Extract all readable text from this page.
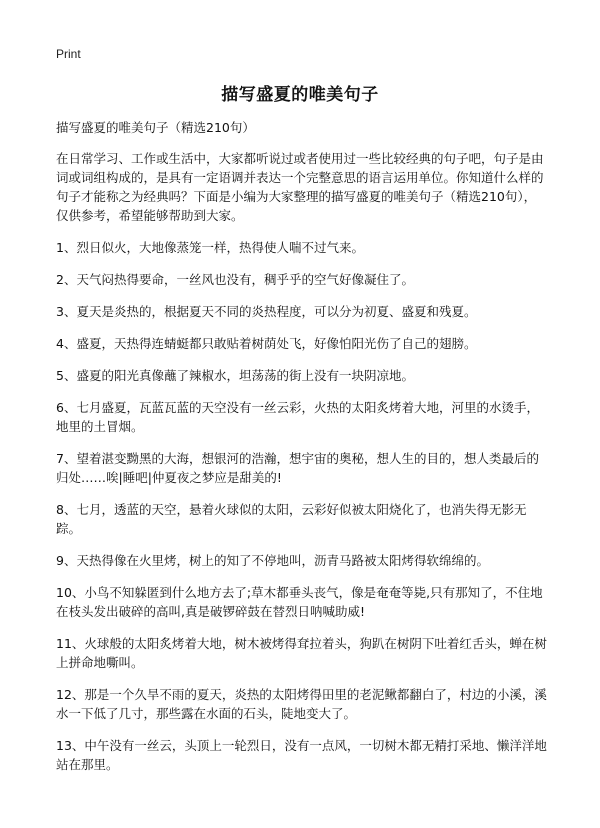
Print
描写盛夏的唯美句子
描写盛夏的唯美句子（精选210句）
在日常学习、工作或生活中，大家都听说过或者使用过一些比较经典的句子吧，句子是由词或词组构成的，是具有一定语调并表达一个完整意思的语言运用单位。你知道什么样的句子才能称之为经典吗？下面是小编为大家整理的描写盛夏的唯美句子（精选210句），仅供参考，希望能够帮助到大家。
1、烈日似火，大地像蒸笼一样，热得使人喘不过气来。
2、天气闷热得要命，一丝风也没有，稠乎乎的空气好像凝住了。
3、夏天是炎热的，根据夏天不同的炎热程度，可以分为初夏、盛夏和残夏。
4、盛夏，天热得连蜻蜓都只敢贴着树荫处飞，好像怕阳光伤了自己的翅膀。
5、盛夏的阳光真像蘸了辣椒水，坦荡荡的街上没有一块阴凉地。
6、七月盛夏，瓦蓝瓦蓝的天空没有一丝云彩，火热的太阳炙烤着大地，河里的水烫手，地里的土冒烟。
7、望着湛变黝黑的大海，想银河的浩瀚，想宇宙的奥秘，想人生的目的，想人类最后的归处……唉|睡吧|仲夏夜之梦应是甜美的!
8、七月，透蓝的天空，悬着火球似的太阳，云彩好似被太阳烧化了，也消失得无影无踪。
9、天热得像在火里烤，树上的知了不停地叫，沥青马路被太阳烤得软绵绵的。
10、小鸟不知躲匿到什么地方去了;草木都垂头丧气，像是奄奄等毙,只有那知了，不住地在枝头发出破碎的高叫,真是破锣碎鼓在替烈日呐喊助威!
11、火球般的太阳炙烤着大地，树木被烤得耷拉着头，狗趴在树阴下吐着红舌头，蝉在树上拼命地嘶叫。
12、那是一个久旱不雨的夏天，炎热的太阳烤得田里的老泥鳅都翻白了，村边的小溪，溪水一下低了几寸，那些露在水面的石头，陡地变大了。
13、中午没有一丝云，头顶上一轮烈日，没有一点风，一切树木都无精打采地、懒洋洋地站在那里。
